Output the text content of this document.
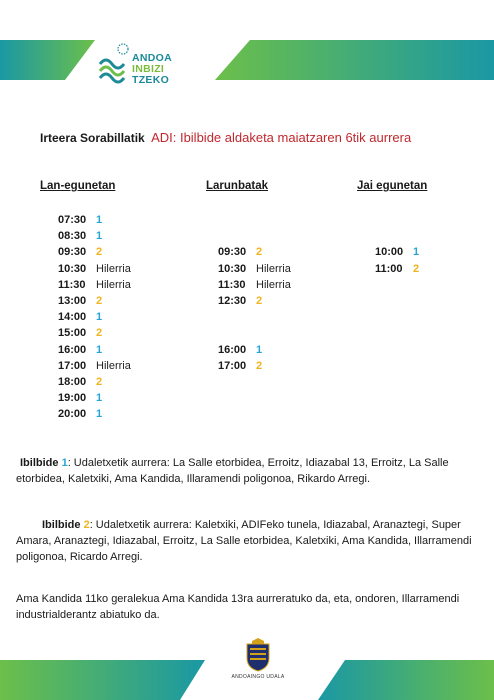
ANDOA
INBIZI
TZEKO
Irteera Sorabillatik ADI: Ibilbide aldaketa maiatzaren 6tik aurrera
Lan-egunetan	Larunbatak	Jai egunetan
07:30 1
08:30 1
09:30 2
10:30 Hilerria
11:30 Hilerria
13:00 2
14:00 1
15:00 2
16:00 1
17:00 Hilerria
18:00 2
19:00 1
20:00 1
09:30 2
10:30 Hilerria
11:30 Hilerria
12:30 2
16:00 1
17:00 2
10:00 1
11:00 2
Ibilbide 1: Udaletxetik aurrera: La Salle etorbidea, Erroitz, Idiazabal 13, Erroitz, La Salle etorbidea, Kaletxiki, Ama Kandida, Illaramendi poligonoa, Rikardo Arregi.
Ibilbide 2: Udaletxetik aurrera: Kaletxiki, ADIFeko tunela, Idiazabal, Aranaztegi, Super Amara, Aranaztegi, Idiazabal, Erroitz, La Salle etorbidea, Kaletxiki, Ama Kandida, Illarramendi poligonoa, Ricardo Arregi.
Ama Kandida 11ko geralekua Ama Kandida 13ra aurreratuko da, eta, ondoren, Illarramendi industrialderantz abiatuko da.
ANDOAINGO UDALA
